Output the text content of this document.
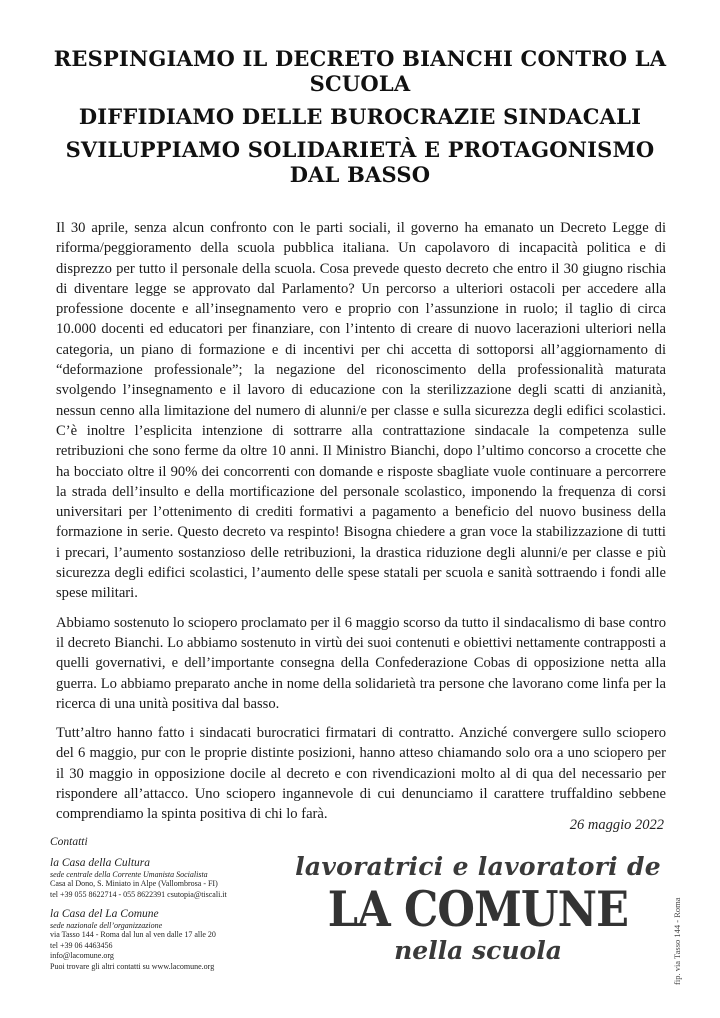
RESPINGIAMO IL DECRETO BIANCHI CONTRO LA SCUOLA
DIFFIDIAMO DELLE BUROCRAZIE SINDACALI
SVILUPPIAMO SOLIDARIETÀ E PROTAGONISMO DAL BASSO

Il 30 aprile, senza alcun confronto con le parti sociali, il governo ha emanato un Decreto Legge di riforma/peggioramento della scuola pubblica italiana. Un capolavoro di incapacità politica e di disprezzo per tutto il personale della scuola. Cosa prevede questo decreto che entro il 30 giugno rischia di diventare legge se approvato dal Parlamento? Un percorso a ulteriori ostacoli per accedere alla professione docente e all’insegnamento vero e proprio con l’assunzione in ruolo; il taglio di circa 10.000 docenti ed educatori per finanziare, con l’intento di creare di nuovo lacerazioni ulteriori nella categoria, un piano di formazione e di incentivi per chi accetta di sottoporsi all’aggiornamento di “deformazione professionale”; la negazione del riconoscimento della professionalità maturata svolgendo l’insegnamento e il lavoro di educazione con la sterilizzazione degli scatti di anzianità, nessun cenno alla limitazione del numero di alunni/e per classe e sulla sicurezza degli edifici scolastici. C’è inoltre l’esplicita intenzione di sottrarre alla contrattazione sindacale la competenza sulle retribuzioni che sono ferme da oltre 10 anni. Il Ministro Bianchi, dopo l’ultimo concorso a crocette che ha bocciato oltre il 90% dei concorrenti con domande e risposte sbagliate vuole continuare a percorrere la strada dell’insulto e della mortificazione del personale scolastico, imponendo la frequenza di corsi universitari per l’ottenimento di crediti formativi a pagamento a beneficio del nuovo business della formazione in serie. Questo decreto va respinto! Bisogna chiedere a gran voce la stabilizzazione di tutti i precari, l’aumento sostanzioso delle retribuzioni, la drastica riduzione degli alunni/e per classe e più sicurezza degli edifici scolastici, l’aumento delle spese statali per scuola e sanità sottraendo i fondi alle spese militari.

Abbiamo sostenuto lo sciopero proclamato per il 6 maggio scorso da tutto il sindacalismo di base contro il decreto Bianchi. Lo abbiamo sostenuto in virtù dei suoi contenuti e obiettivi nettamente contrapposti a quelli governativi, e dell’importante consegna della Confederazione Cobas di opposizione netta alla guerra. Lo abbiamo preparato anche in nome della solidarietà tra persone che lavorano come linfa per la ricerca di una unità positiva dal basso.

Tutt’altro hanno fatto i sindacati burocratici firmatari di contratto. Anziché convergere sullo sciopero del 6 maggio, pur con le proprie distinte posizioni, hanno atteso chiamando solo ora a uno sciopero per il 30 maggio in opposizione docile al decreto e con rivendicazioni molto al di qua del necessario per rispondere all’attacco. Uno sciopero ingannevole di cui denunciamo il carattere truffaldino sebbene comprendiamo la spinta positiva di chi lo farà.

26 maggio 2022

Contatti

la Casa della Cultura

sede centrale della Corrente Umanista Socialista

Casa al Dono, S. Miniato in Alpe (Vallombrosa - FI)

tel +39 055 8622714 - 055 8622391 csutopia@tiscali.it

la Casa del La Comune

sede nazionale dell’organizzazione

via Tasso 144 - Roma dal lun al ven dalle 17 alle 20

tel +39 06 4463456

info@lacomune.org

Puoi trovare gli altri contatti su www.lacomune.org

lavoratrici e lavoratori de
LA COMUNE
nella scuola	fip. via Tasso 144 - Roma
